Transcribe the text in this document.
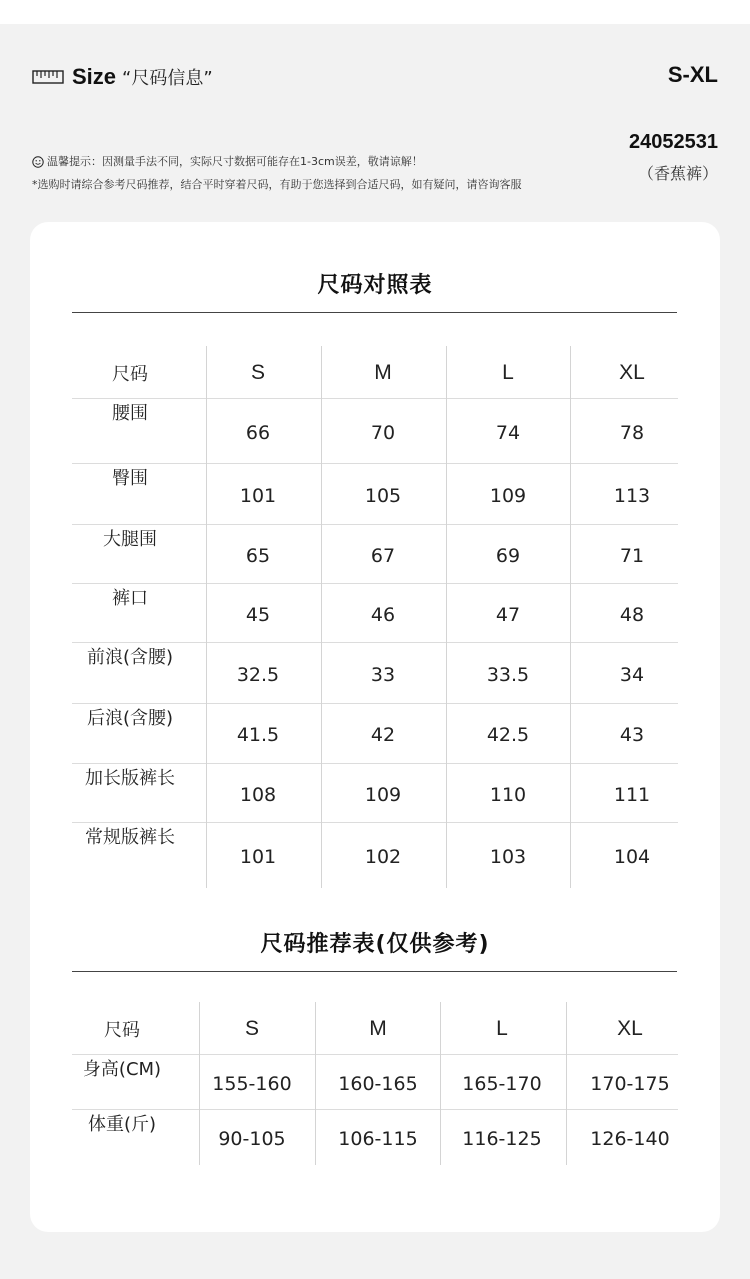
Size “尺码信息”	S-XL
温馨提示：因测量手法不同，实际尺寸数据可能存在1-3cm误差，敬请谅解！
*选购时请综合参考尺码推荐，结合平时穿着尺码，有助于您选择到合适尺码，如有疑问，请咨询客服
24052531
（香蕉裤）
尺码对照表
尺码	S	M	L	XL
腰围
66	70	74	78
臀围
101	105	109	113
大腿围
65	67	69	71
裤口
45	46	47	48
前浪(含腰)
32.5	33	33.5	34
后浪(含腰)
41.5	42	42.5	43
加长版裤长
108	109	110	111
常规版裤长
101	102	103	104
尺码推荐表(仅供参考)
尺码	S	M	L	XL
身高(CM)
155-160	160-165	165-170	170-175
体重(斤)
90-105	106-115	116-125	126-140
